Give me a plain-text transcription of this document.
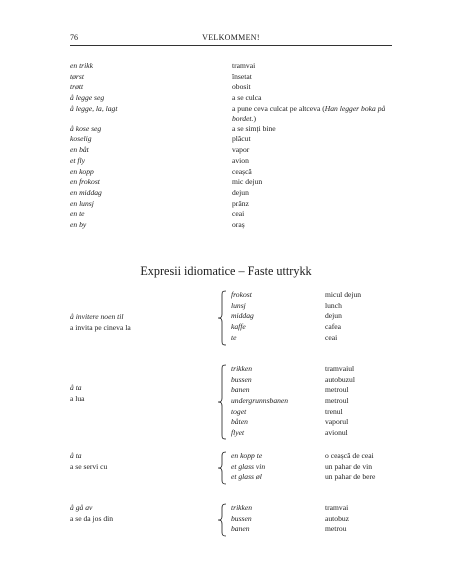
76	VELKOMMEN!
en trikk	tramvai
tørst	însetat
trøtt	obosit
å legge seg	a se culca
å legge, la, lagt	a pune ceva culcat pe altceva (Han legger boka på bordet.)
å kose seg	a se simți bine
koselig	plăcut
en båt	vapor
et fly	avion
en kopp	ceașcă
en frokost	mic dejun
en middag	dejun
en lunsj	prânz
en te	ceai
en by	oraș
Expresii idiomatice – Faste uttrykk
å invitere noen til
a invita pe cineva la
frokost	micul dejun
lunsj	lunch
middag	dejun
kaffe	cafea
te	ceai
å ta
a lua
trikken	tramvaiul
bussen	autobuzul
banen	metroul
undergrunnsbanen	metroul
toget	trenul
båten	vaporul
flyet	avionul
å ta
a se servi cu
en kopp te	o ceașcă de ceai
et glass vin	un pahar de vin
et glass øl	un pahar de bere
å gå av
a se da jos din
trikken	tramvai
bussen	autobuz
banen	metrou
